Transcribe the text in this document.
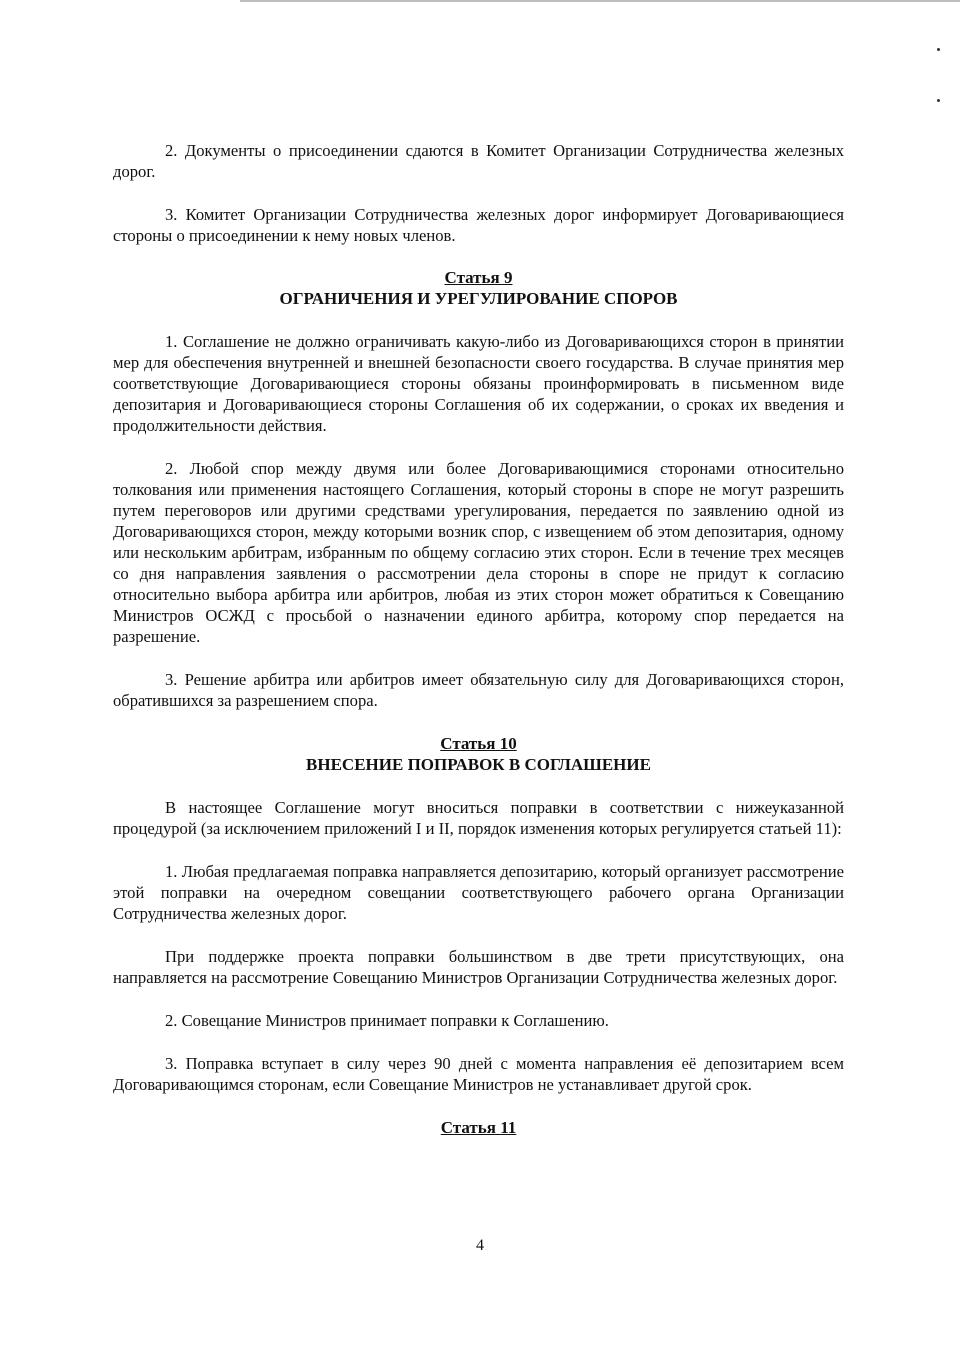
2. Документы о присоединении сдаются в Комитет Организации Сотрудничества железных дорог.

3. Комитет Организации Сотрудничества железных дорог информирует Договаривающиеся стороны о присоединении к нему новых членов.

Статья 9
ОГРАНИЧЕНИЯ И УРЕГУЛИРОВАНИЕ СПОРОВ

1. Соглашение не должно ограничивать какую-либо из Договаривающихся сторон в принятии мер для обеспечения внутренней и внешней безопасности своего государства. В случае принятия мер соответствующие Договаривающиеся стороны обязаны проинформировать в письменном виде депозитария и Договаривающиеся стороны Соглашения об их содержании, о сроках их введения и продолжительности действия.

2. Любой спор между двумя или более Договаривающимися сторонами относительно толкования или применения настоящего Соглашения, который стороны в споре не могут разрешить путем переговоров или другими средствами урегулирования, передается по заявлению одной из Договаривающихся сторон, между которыми возник спор, с извещением об этом депозитария, одному или нескольким арбитрам, избранным по общему согласию этих сторон. Если в течение трех месяцев со дня направления заявления о рассмотрении дела стороны в споре не придут к согласию относительно выбора арбитра или арбитров, любая из этих сторон может обратиться к Совещанию Министров ОСЖД с просьбой о назначении единого арбитра, которому спор передается на разрешение.

3. Решение арбитра или арбитров имеет обязательную силу для Договаривающихся сторон, обратившихся за разрешением спора.

Статья 10
ВНЕСЕНИЕ ПОПРАВОК В СОГЛАШЕНИЕ

В настоящее Соглашение могут вноситься поправки в соответствии с нижеуказанной процедурой (за исключением приложений I и II, порядок изменения которых регулируется статьей 11):

1. Любая предлагаемая поправка направляется депозитарию, который организует рассмотрение этой поправки на очередном совещании соответствующего рабочего органа Организации Сотрудничества железных дорог.

При поддержке проекта поправки большинством в две трети присутствующих, она направляется на рассмотрение Совещанию Министров Организации Сотрудничества железных дорог.

2. Совещание Министров принимает поправки к Соглашению.

3. Поправка вступает в силу через 90 дней с момента направления её депозитарием всем Договаривающимся сторонам, если Совещание Министров не устанавливает другой срок.

Статья 11
4
